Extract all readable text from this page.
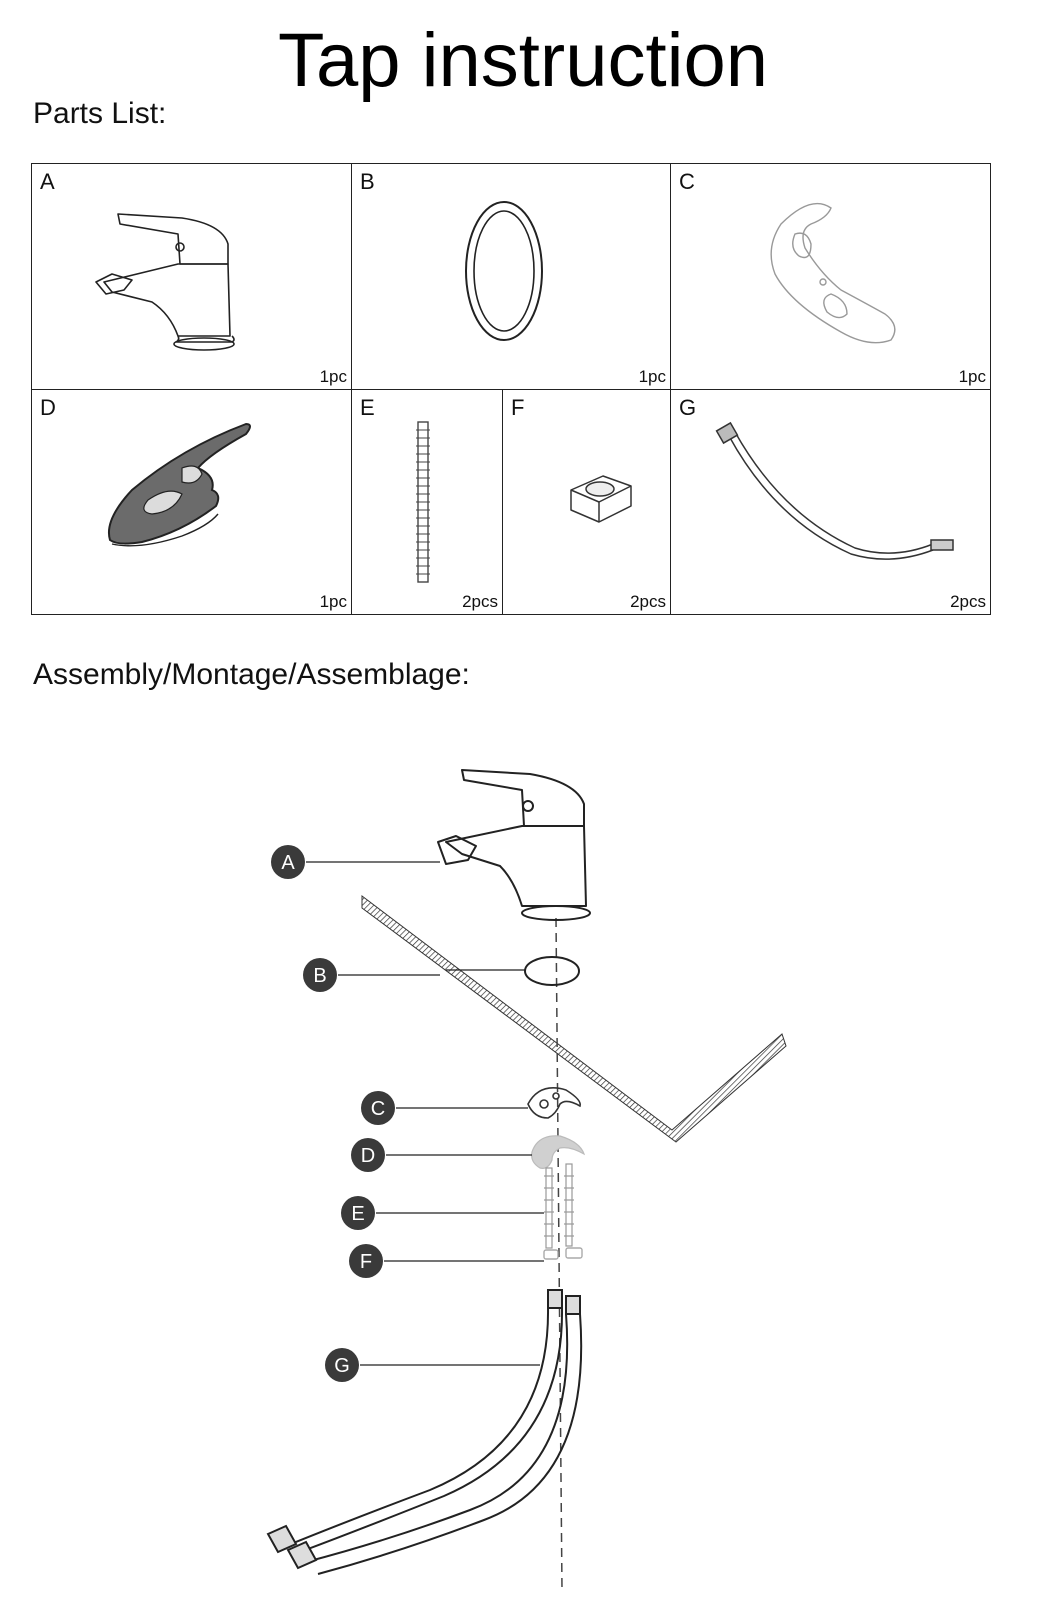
Tap instruction
Parts List:
A
1pc
B
1pc
C
1pc
D
1pc
E
2pcs
F
2pcs
G
2pcs
Assembly/Montage/Assemblage:
A
B
C
D
E
F
G
